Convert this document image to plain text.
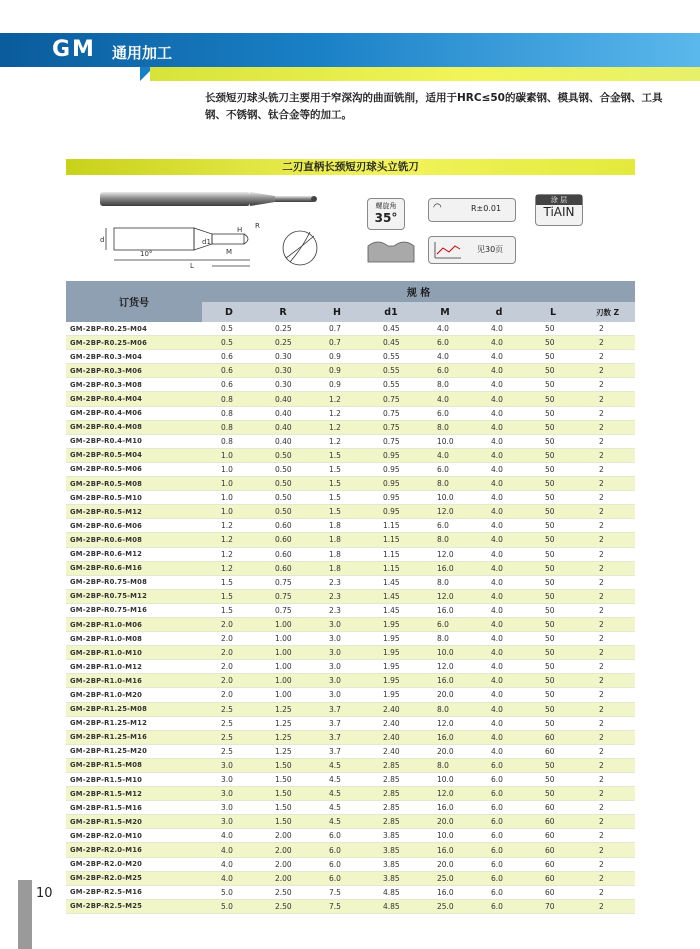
GM 通用加工
长颈短刃球头铣刀主要用于窄深沟的曲面铣削，适用于HRC≤50的碳素钢、模具钢、合金钢、工具钢、不锈钢、钛合金等的加工。
二刃直柄长颈短刃球头立铣刀
d
10°
L
d1
M
H R
螺旋角
35°
◠	R±0.01
涂 层
TiAIN
见30页
订货号	规 格							
	D	R	H	d1	M	d	L	刃数 Z
GM-2BP-R0.25-M04	0.5	0.25	0.7	0.45	4.0	4.0	50	2
GM-2BP-R0.25-M06	0.5	0.25	0.7	0.45	6.0	4.0	50	2
GM-2BP-R0.3-M04	0.6	0.30	0.9	0.55	4.0	4.0	50	2
GM-2BP-R0.3-M06	0.6	0.30	0.9	0.55	6.0	4.0	50	2
GM-2BP-R0.3-M08	0.6	0.30	0.9	0.55	8.0	4.0	50	2
GM-2BP-R0.4-M04	0.8	0.40	1.2	0.75	4.0	4.0	50	2
GM-2BP-R0.4-M06	0.8	0.40	1.2	0.75	6.0	4.0	50	2
GM-2BP-R0.4-M08	0.8	0.40	1.2	0.75	8.0	4.0	50	2
GM-2BP-R0.4-M10	0.8	0.40	1.2	0.75	10.0	4.0	50	2
GM-2BP-R0.5-M04	1.0	0.50	1.5	0.95	4.0	4.0	50	2
GM-2BP-R0.5-M06	1.0	0.50	1.5	0.95	6.0	4.0	50	2
GM-2BP-R0.5-M08	1.0	0.50	1.5	0.95	8.0	4.0	50	2
GM-2BP-R0.5-M10	1.0	0.50	1.5	0.95	10.0	4.0	50	2
GM-2BP-R0.5-M12	1.0	0.50	1.5	0.95	12.0	4.0	50	2
GM-2BP-R0.6-M06	1.2	0.60	1.8	1.15	6.0	4.0	50	2
GM-2BP-R0.6-M08	1.2	0.60	1.8	1.15	8.0	4.0	50	2
GM-2BP-R0.6-M12	1.2	0.60	1.8	1.15	12.0	4.0	50	2
GM-2BP-R0.6-M16	1.2	0.60	1.8	1.15	16.0	4.0	50	2
GM-2BP-R0.75-M08	1.5	0.75	2.3	1.45	8.0	4.0	50	2
GM-2BP-R0.75-M12	1.5	0.75	2.3	1.45	12.0	4.0	50	2
GM-2BP-R0.75-M16	1.5	0.75	2.3	1.45	16.0	4.0	50	2
GM-2BP-R1.0-M06	2.0	1.00	3.0	1.95	6.0	4.0	50	2
GM-2BP-R1.0-M08	2.0	1.00	3.0	1.95	8.0	4.0	50	2
GM-2BP-R1.0-M10	2.0	1.00	3.0	1.95	10.0	4.0	50	2
GM-2BP-R1.0-M12	2.0	1.00	3.0	1.95	12.0	4.0	50	2
GM-2BP-R1.0-M16	2.0	1.00	3.0	1.95	16.0	4.0	50	2
GM-2BP-R1.0-M20	2.0	1.00	3.0	1.95	20.0	4.0	50	2
GM-2BP-R1.25-M08	2.5	1.25	3.7	2.40	8.0	4.0	50	2
GM-2BP-R1.25-M12	2.5	1.25	3.7	2.40	12.0	4.0	50	2
GM-2BP-R1.25-M16	2.5	1.25	3.7	2.40	16.0	4.0	60	2
GM-2BP-R1.25-M20	2.5	1.25	3.7	2.40	20.0	4.0	60	2
GM-2BP-R1.5-M08	3.0	1.50	4.5	2.85	8.0	6.0	50	2
GM-2BP-R1.5-M10	3.0	1.50	4.5	2.85	10.0	6.0	50	2
GM-2BP-R1.5-M12	3.0	1.50	4.5	2.85	12.0	6.0	50	2
GM-2BP-R1.5-M16	3.0	1.50	4.5	2.85	16.0	6.0	60	2
GM-2BP-R1.5-M20	3.0	1.50	4.5	2.85	20.0	6.0	60	2
GM-2BP-R2.0-M10	4.0	2.00	6.0	3.85	10.0	6.0	60	2
GM-2BP-R2.0-M16	4.0	2.00	6.0	3.85	16.0	6.0	60	2
GM-2BP-R2.0-M20	4.0	2.00	6.0	3.85	20.0	6.0	60	2
GM-2BP-R2.0-M25	4.0	2.00	6.0	3.85	25.0	6.0	60	2
GM-2BP-R2.5-M16	5.0	2.50	7.5	4.85	16.0	6.0	60	2
GM-2BP-R2.5-M25	5.0	2.50	7.5	4.85	25.0	6.0	70	2
10
